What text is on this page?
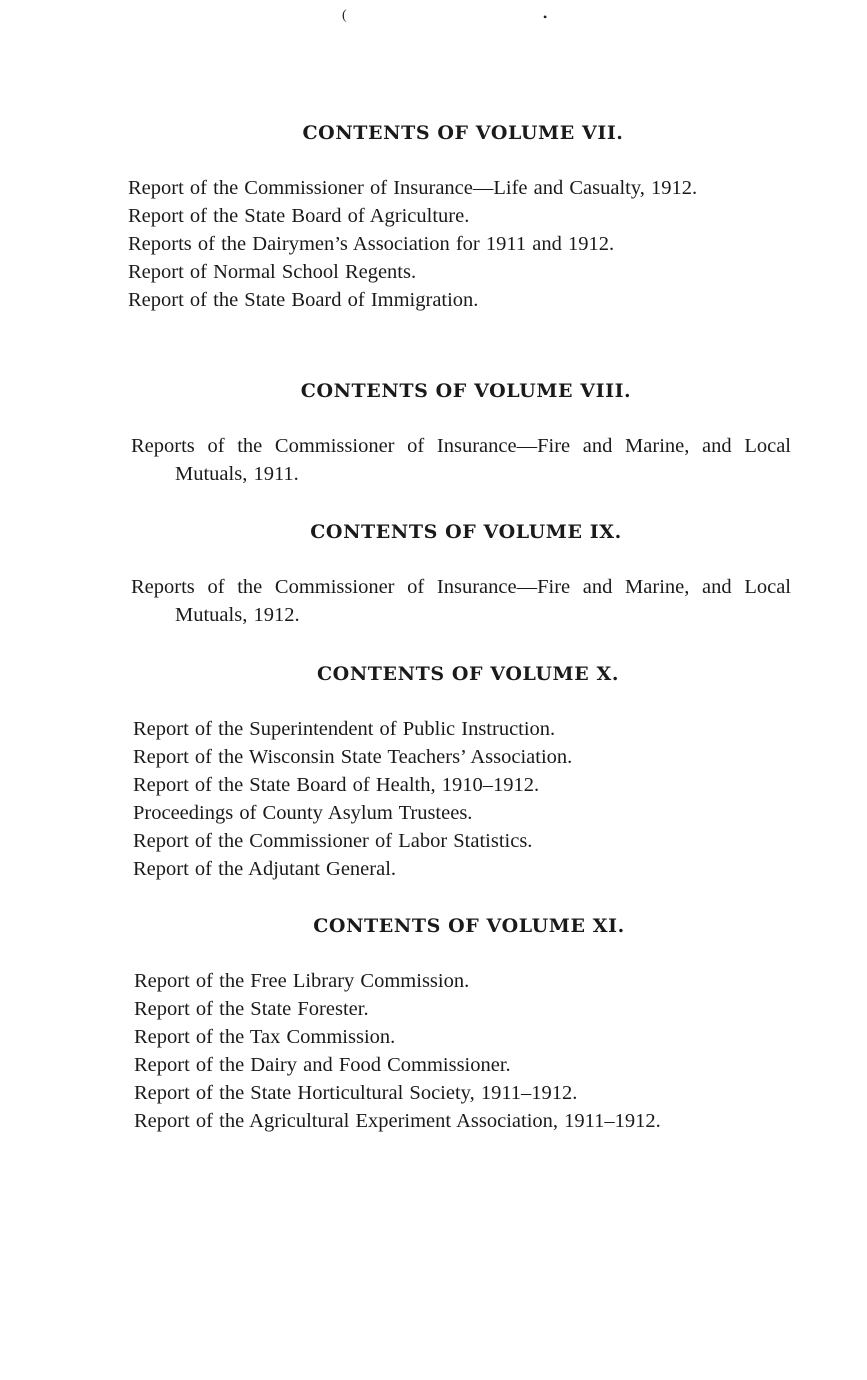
(	•
CONTENTS OF VOLUME VII.
Report of the Commissioner of Insurance—Life and Casualty, 1912.
Report of the State Board of Agriculture.
Reports of the Dairymen’s Association for 1911 and 1912.
Report of Normal School Regents.
Report of the State Board of Immigration.
CONTENTS OF VOLUME VIII.
Reports of the Commissioner of Insurance—Fire and Marine, and Local Mutuals, 1911.
CONTENTS OF VOLUME IX.
Reports of the Commissioner of Insurance—Fire and Marine, and Local Mutuals, 1912.
CONTENTS OF VOLUME X.
Report of the Superintendent of Public Instruction.
Report of the Wisconsin State Teachers’ Association.
Report of the State Board of Health, 1910–1912.
Proceedings of County Asylum Trustees.
Report of the Commissioner of Labor Statistics.
Report of the Adjutant General.
CONTENTS OF VOLUME XI.
Report of the Free Library Commission.
Report of the State Forester.
Report of the Tax Commission.
Report of the Dairy and Food Commissioner.
Report of the State Horticultural Society, 1911–1912.
Report of the Agricultural Experiment Association, 1911–1912.
